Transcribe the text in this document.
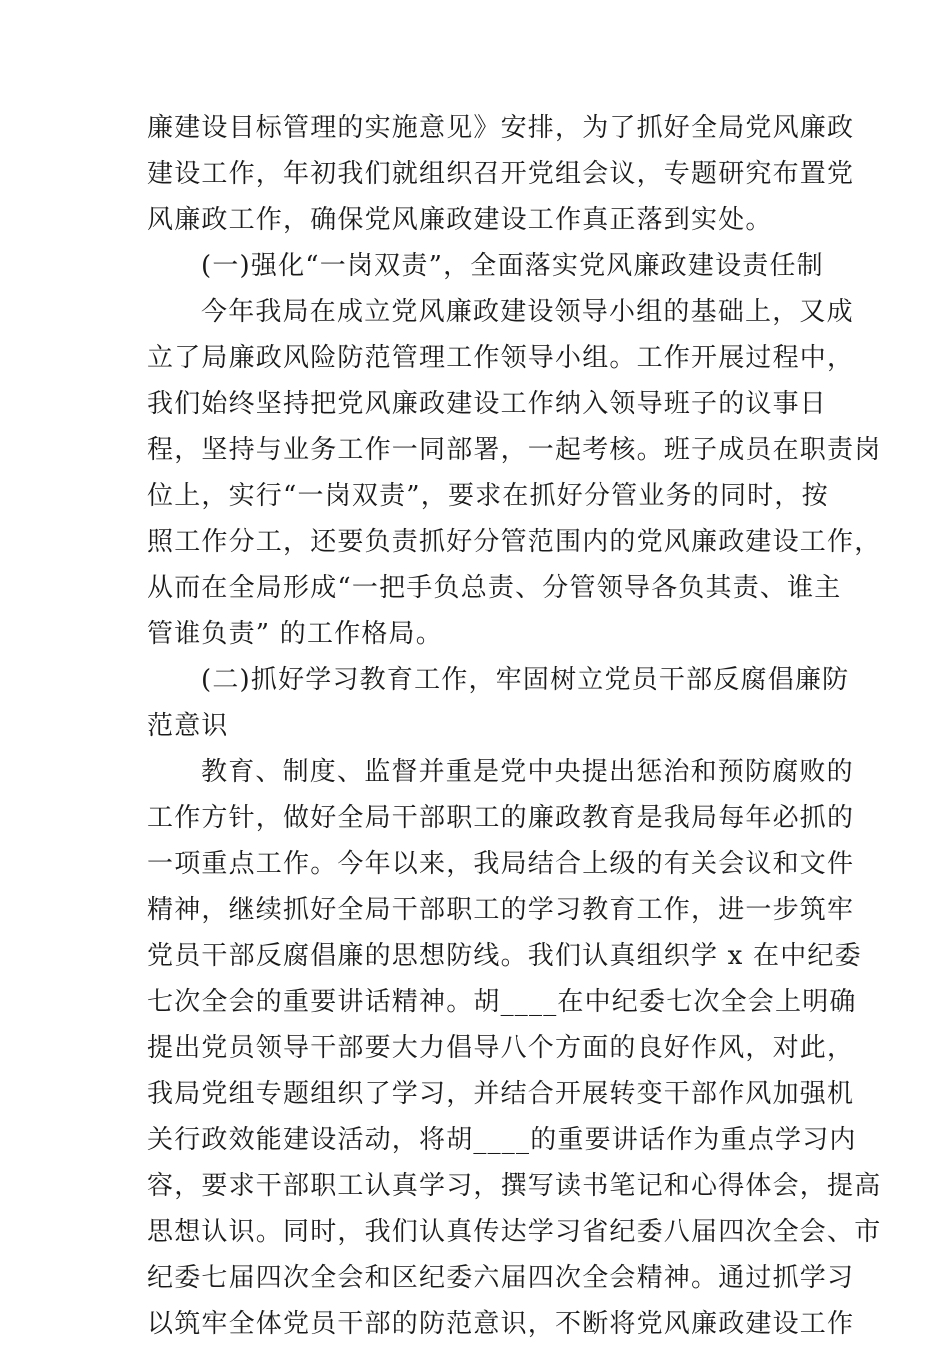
廉建设目标管理的实施意见》安排，为了抓好全局党风廉政
建设工作，年初我们就组织召开党组会议，专题研究布置党
风廉政工作，确保党风廉政建设工作真正落到实处。
(一)强化“一岗双责”，全面落实党风廉政建设责任制
今年我局在成立党风廉政建设领导小组的基础上，又成
立了局廉政风险防范管理工作领导小组。工作开展过程中，
我们始终坚持把党风廉政建设工作纳入领导班子的议事日
程，坚持与业务工作一同部署，一起考核。班子成员在职责岗
位上，实行“一岗双责”，要求在抓好分管业务的同时，按
照工作分工，还要负责抓好分管范围内的党风廉政建设工作，
从而在全局形成“一把手负总责、分管领导各负其责、谁主
管谁负责” 的工作格局。
(二)抓好学习教育工作，牢固树立党员干部反腐倡廉防
范意识
教育、制度、监督并重是党中央提出惩治和预防腐败的
工作方针，做好全局干部职工的廉政教育是我局每年必抓的
一项重点工作。今年以来，我局结合上级的有关会议和文件
精神，继续抓好全局干部职工的学习教育工作，进一步筑牢
党员干部反腐倡廉的思想防线。我们认真组织学 x 在中纪委
七次全会的重要讲话精神。胡____在中纪委七次全会上明确
提出党员领导干部要大力倡导八个方面的良好作风，对此，
我局党组专题组织了学习，并结合开展转变干部作风加强机
关行政效能建设活动，将胡____的重要讲话作为重点学习内
容，要求干部职工认真学习，撰写读书笔记和心得体会，提高
思想认识。同时，我们认真传达学习省纪委八届四次全会、市
纪委七届四次全会和区纪委六届四次全会精神。通过抓学习
以筑牢全体党员干部的防范意识，不断将党风廉政建设工作
